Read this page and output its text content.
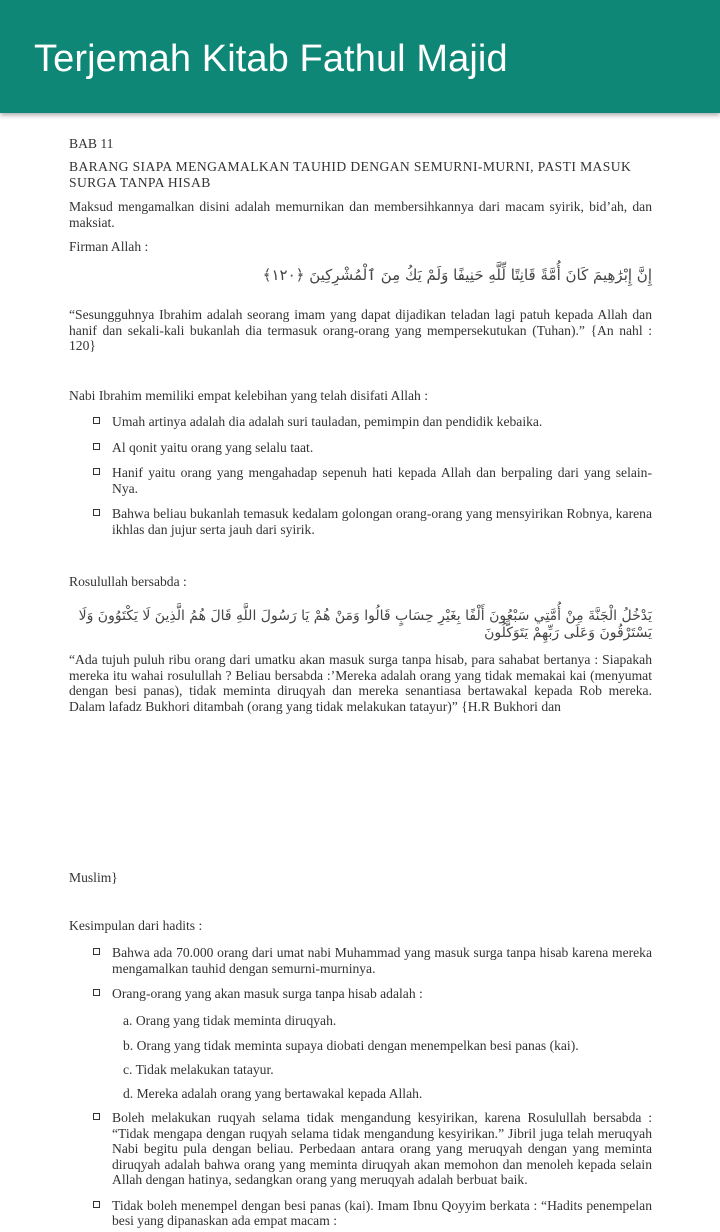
Terjemah Kitab Fathul Majid

BAB 11

BARANG SIAPA MENGAMALKAN TAUHID DENGAN SEMURNI-MURNI, PASTI MASUK SURGA TANPA HISAB

Maksud mengamalkan disini adalah memurnikan dan membersihkannya dari macam syirik, bid’ah, dan maksiat.

Firman Allah :

إِنَّ إِبْرَٰهِيمَ كَانَ أُمَّةً قَانِتًا لِّلَّهِ حَنِيفًا وَلَمْ يَكُ مِنَ ٱلْمُشْرِكِينَ ﴿١٢٠﴾

“Sesungguhnya Ibrahim adalah seorang imam yang dapat dijadikan teladan lagi patuh kepada Allah dan hanif dan sekali-kali bukanlah dia termasuk orang-orang yang mempersekutukan (Tuhan).” {An nahl : 120}

Nabi Ibrahim memiliki empat kelebihan yang telah disifati Allah :

Umah artinya adalah dia adalah suri tauladan, pemimpin dan pendidik kebaika.
Al qonit yaitu orang yang selalu taat.
Hanif yaitu orang yang mengahadap sepenuh hati kepada Allah dan berpaling dari yang selain-Nya.
Bahwa beliau bukanlah temasuk kedalam golongan orang-orang yang mensyirikan Robnya, karena ikhlas dan jujur serta jauh dari syirik.

Rosulullah bersabda :

يَدْخُلُ الْجَنَّةَ مِنْ أُمَّتِي سَبْعُونَ أَلْفًا بِغَيْرِ حِسَابٍ قَالُوا وَمَنْ هُمْ يَا رَسُولَ اللَّهِ قَالَ هُمُ الَّذِينَ لَا يَكْتَوُونَ وَلَا يَسْتَرْقُونَ وَعَلَى رَبِّهِمْ يَتَوَكَّلُونَ

“Ada tujuh puluh ribu orang dari umatku akan masuk surga tanpa hisab, para sahabat bertanya : Siapakah mereka itu wahai rosulullah ? Beliau bersabda :’Mereka adalah orang yang tidak memakai kai (menyumat dengan besi panas), tidak meminta diruqyah dan mereka senantiasa bertawakal kepada Rob mereka. Dalam lafadz Bukhori ditambah (orang yang tidak melakukan tatayur)” {H.R Bukhori dan

Muslim}

Kesimpulan dari hadits :

Bahwa ada 70.000 orang dari umat nabi Muhammad yang masuk surga tanpa hisab karena mereka mengamalkan tauhid dengan semurni-murninya.
Orang-orang yang akan masuk surga tanpa hisab adalah :

a. Orang yang tidak meminta diruqyah.

b. Orang yang tidak meminta supaya diobati dengan menempelkan besi panas (kai).

c. Tidak melakukan tatayur.

d. Mereka adalah orang yang bertawakal kepada Allah.

Boleh melakukan ruqyah selama tidak mengandung kesyirikan, karena Rosulullah bersabda : “Tidak mengapa dengan ruqyah selama tidak mengandung kesyirikan.” Jibril juga telah meruqyah Nabi begitu pula dengan beliau. Perbedaan antara orang yang meruqyah dengan yang meminta diruqyah adalah bahwa orang yang meminta diruqyah akan memohon dan menoleh kepada selain Allah dengan hatinya, sedangkan orang yang meruqyah adalah berbuat baik.
Tidak boleh menempel dengan besi panas (kai). Imam Ibnu Qoyyim berkata : “Hadits penempelan besi yang dipanaskan ada empat macam :
